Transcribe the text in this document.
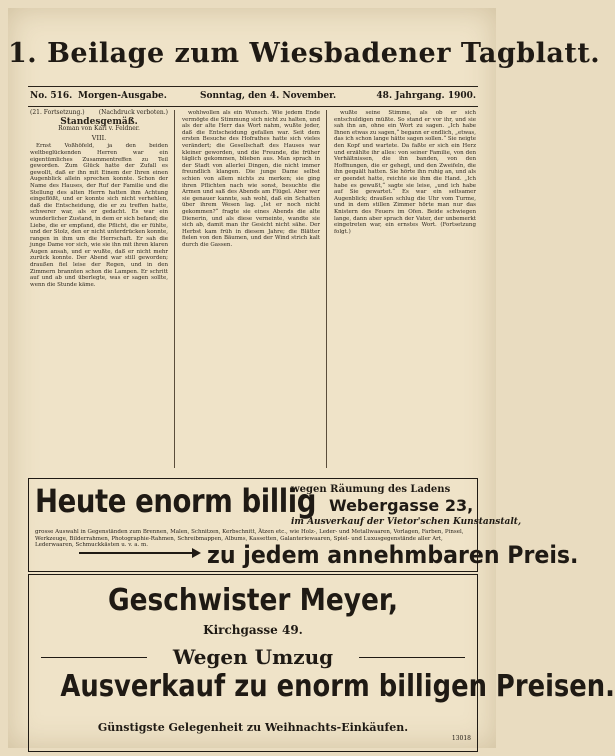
1. Beilage zum Wiesbadener Tagblatt.
No. 516. Morgen-Ausgabe.	Sonntag, den 4. November.	48. Jahrgang. 1900.
(21. Fortsetzung.) (Nachdruck verboten.)
Standesgemäß.
Roman von Karl v. Feldner.
VIII.

Ernst Voßhöfeld, ja den beiden weltbeglückenden Herren war ein eigentümliches Zusammentreffen zu Teil geworden. Zum Glück hatte der Zufall es gewollt, daß er ihn mit Einem der Ihren einen Augenblick allein sprechen konnte. Schon der Name des Hauses, der Ruf der Familie und die Stellung des alten Herrn hatten ihm Achtung eingeflößt, und er konnte sich nicht verhehlen, daß die Entscheidung, die er zu treffen hatte, schwerer war, als er gedacht. Es war ein wunderlicher Zustand, in dem er sich befand; die Liebe, die er empfand, die Pflicht, die er fühlte, und der Stolz, den er nicht unterdrücken konnte, rangen in ihm um die Herrschaft. Er sah die junge Dame vor sich, wie sie ihn mit ihren klaren Augen ansah, und er wußte, daß er nicht mehr zurück konnte. Der Abend war still geworden; draußen fiel leise der Regen, und in den Zimmern brannten schon die Lampen. Er schritt auf und ab und überlegte, was er sagen sollte, wenn die Stunde käme.

wohlwollen als ein Wunsch. Wie jedem Ende vermögte die Stimmung sich nicht zu halten, und als der alte Herr das Wort nahm, wußte jeder, daß die Entscheidung gefallen war. Seit dem ersten Besuche des Hofrathes hatte sich vieles verändert; die Gesellschaft des Hauses war kleiner geworden, und die Freunde, die früher täglich gekommen, blieben aus. Man sprach in der Stadt von allerlei Dingen, die nicht immer freundlich klangen. Die junge Dame selbst schien von allem nichts zu merken; sie ging ihren Pflichten nach wie sonst, besuchte die Armen und saß des Abends am Flügel. Aber wer sie genauer kannte, sah wohl, daß ein Schatten über ihrem Wesen lag. „Ist er noch nicht gekommen?“ fragte sie eines Abends die alte Dienerin, und als diese verneinte, wandte sie sich ab, damit man ihr Gesicht nicht sähe. Der Herbst kam früh in diesem Jahre; die Blätter fielen von den Bäumen, und der Wind strich kalt durch die Gassen.

wußte seine Stimme, als ob er sich entschuldigen müßte. So stand er vor ihr, und sie sah ihn an, ohne ein Wort zu sagen. „Ich habe Ihnen etwas zu sagen,“ begann er endlich, „etwas, das ich schon lange hätte sagen sollen.“ Sie neigte den Kopf und wartete. Da faßte er sich ein Herz und erzählte ihr alles: von seiner Familie, von den Verhältnissen, die ihn banden, von den Hoffnungen, die er gehegt, und den Zweifeln, die ihn gequält hatten. Sie hörte ihn ruhig an, und als er geendet hatte, reichte sie ihm die Hand. „Ich habe es gewußt,“ sagte sie leise, „und ich habe auf Sie gewartet.“ Es war ein seltsamer Augenblick; draußen schlug die Uhr vom Turme, und in dem stillen Zimmer hörte man nur das Knistern des Feuers im Ofen. Beide schwiegen lange, dann aber sprach der Vater, der unbemerkt eingetreten war, ein ernstes Wort. (Fortsetzung folgt.)

Heute enorm billig
wegen Räumung des Ladens
Webergasse 23,
im Ausverkauf der Vietor'schen Kunstanstalt,
grosse Auswahl in Gegenständen zum Brennen, Malen, Schnitzen, Kerbschnitt, Ätzen etc., wie Holz-, Leder- und Metallwaaren, Vorlagen, Farben, Pinsel, Werkzeuge, Bilderrahmen, Photographie-Rahmen, Schreibmappen, Albums, Kassetten, Galanteriewaaren, Spiel- und Luxusgegenstände aller Art, Lederwaaren, Schmuckkästen u. v. a. m.	zu jedem annehmbaren Preis.
Geschwister Meyer,
Kirchgasse 49.
Wegen Umzug
Ausverkauf zu enorm billigen Preisen.
Günstigste Gelegenheit zu Weihnachts-Einkäufen.
13018
